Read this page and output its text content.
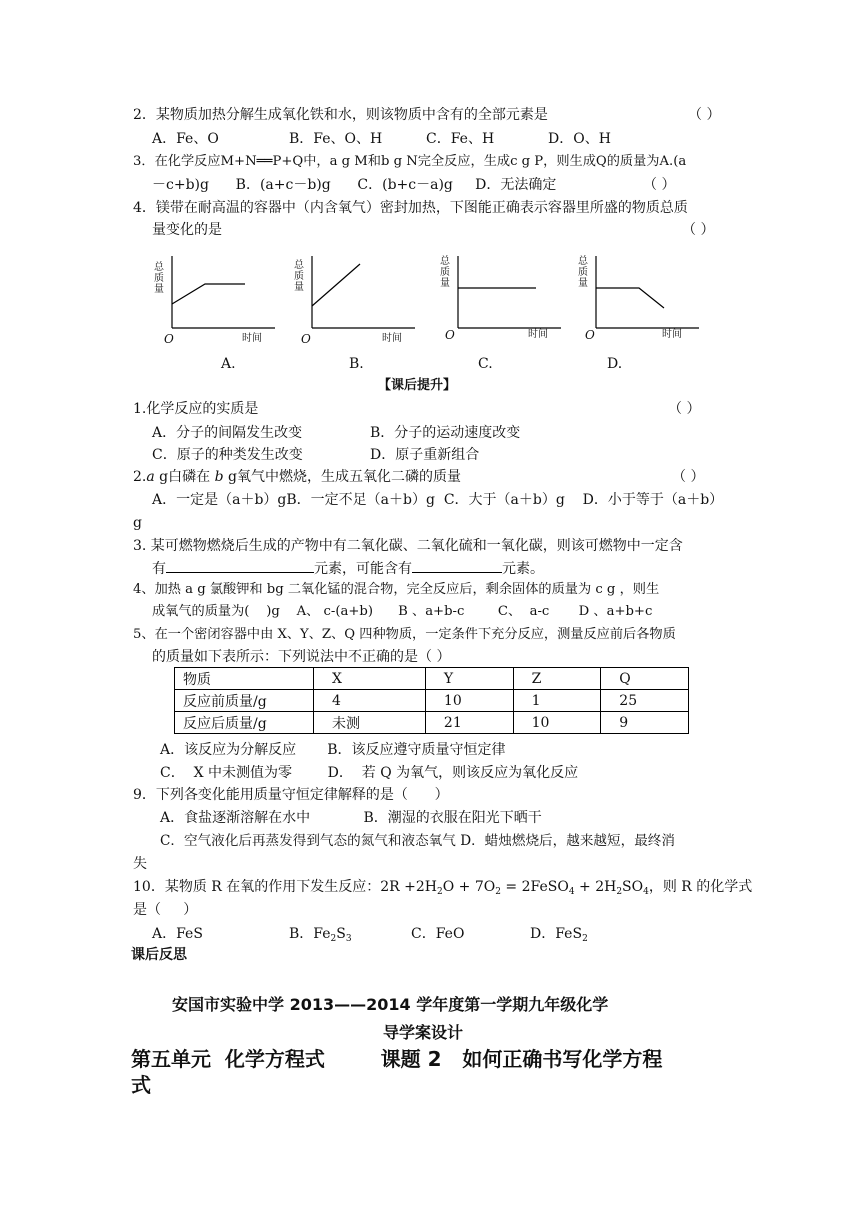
2．某物质加热分解生成氧化铁和水，则该物质中含有的全部元素是	（ ）
A．Fe、O	B．Fe、O、H	C．Fe、H	D．O、H
3．在化学反应M+N══P+Q中，a g M和b g N完全反应，生成c g P，则生成Q的质量为A.(a
－c+b)g      B．(a+c－b)g      C．(b+c－a)g     D．无法确定	（ ）
4．镁带在耐高温的容器中（内含氧气）密封加热，下图能正确表示容器里所盛的物质总质
量变化的是	（ ）
总质量
总质量
总质量
总质量
O	O	O	O
时间	时间	时间	时间
A.	B.	C.	D.
【课后提升】
1.化学反应的实质是	（ ）
A．分子的间隔发生改变	B．分子的运动速度改变
C．原子的种类发生改变	D．原子重新组合
2.a g白磷在 b g氧气中燃烧，生成五氧化二磷的质量	（ ）
A．一定是（a＋b）gB．一定不足（a＋b）g  C．大于（a＋b）g    D．小于等于（a＋b）
g
3. 某可燃物燃烧后生成的产物中有二氧化碳、二氧化硫和一氧化碳，则该可燃物中一定含
有	元素，可能含有	元素。
4、加热 a g 氯酸钾和 bg 二氧化锰的混合物，完全反应后，剩余固体的质量为 c g ，则生
成氧气的质量为(    )g    A、 c-(a+b)      B 、a+b-c        C、  a-c       D 、a+b+c
5、在一个密闭容器中由 X、Y、Z、Q 四种物质，一定条件下充分反应，测量反应前后各物质
的质量如下表所示：下列说法中不正确的是（ ）
物质	X	Y	Z	Q
反应前质量/g	4	10	1	25
反应后质量/g	未测	21	10	9
A．该反应为分解反应       B．该反应遵守质量守恒定律
C．  X 中未测值为零        D．  若 Q 为氧气，则该反应为氧化反应
9．下列各变化能用质量守恒定律解释的是（      ）
A．食盐逐渐溶解在水中            B．潮湿的衣服在阳光下晒干
C．空气液化后再蒸发得到气态的氮气和液态氧气 D．蜡烛燃烧后，越来越短，最终消
失
10．某物质 R 在氧的作用下发生反应：$2R +2H_2O + 7O_2$ = 2FeSO$_4$ + $2H_2SO_4$，则 R 的化学式
是（     ）
A．FeS	B．$Fe_2S_3$	C．FeO	D．FeS$_2$
课后反思
安国市实验中学 2013——2014 学年度第一学期九年级化学
导学案设计
第五单元  化学方程式        课题 2   如何正确书写化学方程
式
